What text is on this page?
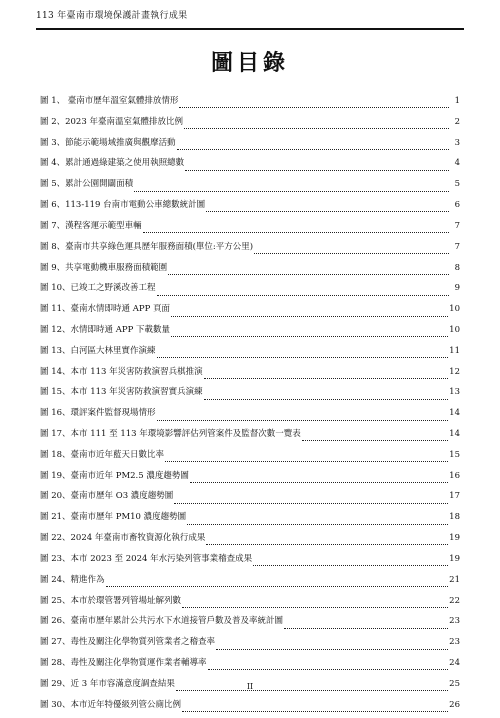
113 年臺南市環境保護計畫執行成果
圖目錄
圖 1、 臺南市歷年溫室氣體排放情形	1
圖 2、2023 年臺南溫室氣體排放比例	2
圖 3、節能示範場域推廣與觀摩活動	3
圖 4、累計通過綠建築之使用執照總數	4
圖 5、累計公園開闢面積	5
圖 6、113-119 台南市電動公車總數統計圖	6
圖 7、漢程客運示範型車輛	7
圖 8、臺南市共享綠色運具歷年服務面積(單位:平方公里)	7
圖 9、共享電動機車服務面積範圍	8
圖 10、已竣工之野溪改善工程	9
圖 11、臺南水情即時通 APP 頁面	10
圖 12、水情即時通 APP 下載數量	10
圖 13、白河區大林里實作演練	11
圖 14、本市 113 年災害防救演習兵棋推演	12
圖 15、本市 113 年災害防救演習實兵演練	13
圖 16、環評案件監督現場情形	14
圖 17、本市 111 至 113 年環境影響評估列管案件及監督次數一覽表	14
圖 18、臺南市近年藍天日數比率	15
圖 19、臺南市近年 PM2.5 濃度趨勢圖	16
圖 20、臺南市歷年 O3 濃度趨勢圖	17
圖 21、臺南市歷年 PM10 濃度趨勢圖	18
圖 22、2024 年臺南市畜牧資源化執行成果	19
圖 23、本市 2023 至 2024 年水污染列管事業稽查成果	19
圖 24、精進作為	21
圖 25、本市於環管署列管場址解列數	22
圖 26、臺南市歷年累計公共污水下水道接管戶數及普及率統計圖	23
圖 27、毒性及關注化學物質列管業者之稽查率	23
圖 28、毒性及關注化學物質運作業者輔導率	24
圖 29、近 3 年市容滿意度調查結果	25
圖 30、本市近年特優級列管公廁比例	26
II
